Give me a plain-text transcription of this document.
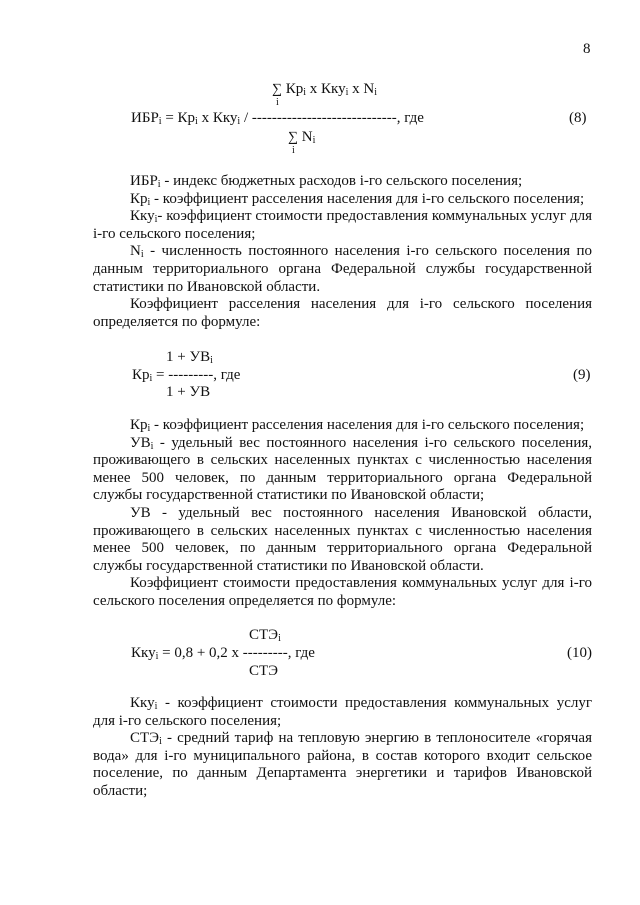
8
∑ $Кр_i$ х Кку$_i$ х $N_i$
i
$ИБР_i = Кр_i$ х Кку$_i$ / -----------------------------, где	(8)
∑ $N_i$
i
$ИБР_i$ - индекс бюджетных расходов i-го сельского поселения;
$Кр_i$ - коэффициент расселения населения для i-го сельского поселения;
Кку$_i$- коэффициент стоимости предоставления коммунальных услуг для i-го сельского поселения;
$N_i$ - численность постоянного населения i-го сельского поселения по данным территориального органа Федеральной службы государственной статистики по Ивановской области.
Коэффициент расселения населения для i-го сельского поселения определяется по формуле:
$1 + УВ_i$
$Кр_i$ = ---------, где
1 + УВ
(9)
$Кр_i$ - коэффициент расселения населения для i-го сельского поселения;
$УВ_i$ - удельный вес постоянного населения i-го сельского поселения, проживающего в сельских населенных пунктах с численностью населения менее 500 человек, по данным территориального органа Федеральной службы государственной статистики по Ивановской области;
УВ - удельный вес постоянного населения Ивановской области, проживающего в сельских населенных пунктах с численностью населения менее 500 человек, по данным территориального органа Федеральной службы государственной статистики по Ивановской области.
Коэффициент стоимости предоставления коммунальных услуг для i-го сельского поселения определяется по формуле:
$СТЭ_i$
Кку$_i$ = 0,8 + 0,2 х ---------, где
СТЭ
(10)
Кку$_i$ - коэффициент стоимости предоставления коммунальных услуг для i-го сельского поселения;
$СТЭ_i$ - средний тариф на тепловую энергию в теплоносителе «горячая вода» для i-го муниципального района, в состав которого входит сельское поселение, по данным Департамента энергетики и тарифов Ивановской области;
